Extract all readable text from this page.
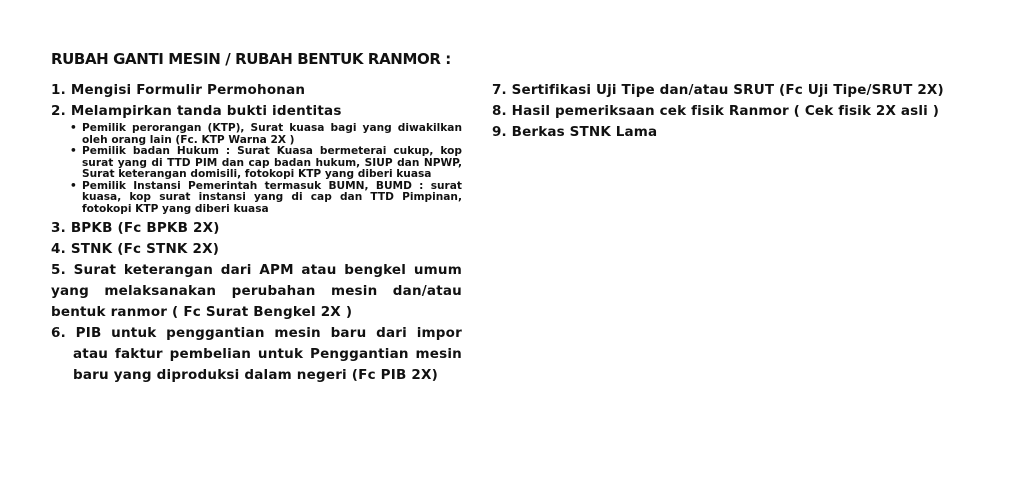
RUBAH GANTI MESIN / RUBAH BENTUK RANMOR :
1. Mengisi Formulir Permohonan
2. Melampirkan tanda bukti identitas
• Pemilik perorangan (KTP), Surat kuasa bagi yang diwakilkan oleh orang lain (Fc. KTP Warna 2X )
• Pemilik badan Hukum : Surat Kuasa bermeterai cukup, kop surat yang di TTD PIM dan cap badan hukum, SIUP dan NPWP, Surat keterangan domisili, fotokopi KTP yang diberi kuasa
• Pemilik Instansi Pemerintah termasuk BUMN, BUMD : surat kuasa, kop surat instansi yang di cap dan TTD Pimpinan, fotokopi KTP yang diberi kuasa
3. BPKB (Fc BPKB 2X)
4. STNK (Fc STNK 2X)
5. Surat keterangan dari APM atau bengkel umum yang melaksanakan perubahan mesin dan/atau bentuk ranmor ( Fc Surat Bengkel 2X )
6. PIB untuk penggantian mesin baru dari impor atau faktur pembelian untuk Penggantian mesin baru yang diproduksi dalam negeri (Fc PIB 2X)
7. Sertifikasi Uji Tipe dan/atau SRUT (Fc Uji Tipe/SRUT 2X)
8. Hasil pemeriksaan cek fisik Ranmor ( Cek fisik 2X asli )
9. Berkas STNK Lama
